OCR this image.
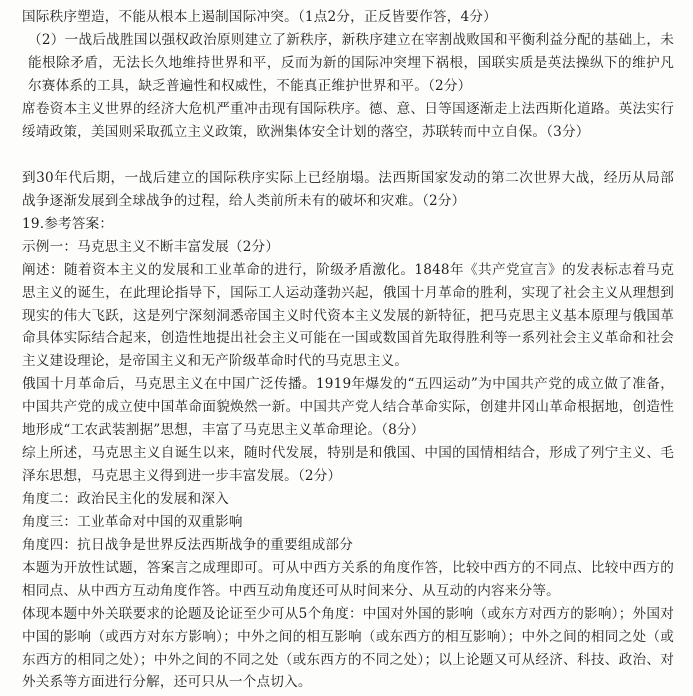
国际秩序塑造，不能从根本上遏制国际冲突。（1点2分，正反皆要作答，4分）

（2）一战后战胜国以强权政治原则建立了新秩序，新秩序建立在宰割战败国和平衡利益分配的基础上，未能根除矛盾，无法长久地维持世界和平，反而为新的国际冲突埋下祸根，国联实质是英法操纵下的维护凡尔赛体系的工具，缺乏普遍性和权威性，不能真正维护世界和平。（2分）

席卷资本主义世界的经济大危机严重冲击现有国际秩序。德、意、日等国逐渐走上法西斯化道路。英法实行绥靖政策，美国则采取孤立主义政策，欧洲集体安全计划的落空，苏联转而中立自保。（3分）

到30年代后期，一战后建立的国际秩序实际上已经崩塌。法西斯国家发动的第二次世界大战，经历从局部战争逐渐发展到全球战争的过程，给人类前所未有的破坏和灾难。（2分）

19.参考答案：

示例一：马克思主义不断丰富发展（2分）

阐述：随着资本主义的发展和工业革命的进行，阶级矛盾激化。1848年《共产党宣言》的发表标志着马克思主义的诞生，在此理论指导下，国际工人运动蓬勃兴起，俄国十月革命的胜利，实现了社会主义从理想到现实的伟大飞跃，这是列宁深刻洞悉帝国主义时代资本主义发展的新特征，把马克思主义基本原理与俄国革命具体实际结合起来，创造性地提出社会主义可能在一国或数国首先取得胜利等一系列社会主义革命和社会主义建设理论，是帝国主义和无产阶级革命时代的马克思主义。

俄国十月革命后，马克思主义在中国广泛传播。1919年爆发的“五四运动”为中国共产党的成立做了准备，中国共产党的成立使中国革命面貌焕然一新。中国共产党人结合革命实际，创建井冈山革命根据地，创造性地形成“工农武装割据”思想，丰富了马克思主义革命理论。（8分）

综上所述，马克思主义自诞生以来，随时代发展，特别是和俄国、中国的国情相结合，形成了列宁主义、毛泽东思想，马克思主义得到进一步丰富发展。（2分）

角度二：政治民主化的发展和深入

角度三：工业革命对中国的双重影响

角度四：抗日战争是世界反法西斯战争的重要组成部分

本题为开放性试题，答案言之成理即可。可从中西方关系的角度作答，比较中西方的不同点、比较中西方的相同点、从中西方互动角度作答。中西互动角度还可从时间来分、从互动的内容来分等。

体现本题中外关联要求的论题及论证至少可从5个角度：中国对外国的影响（或东方对西方的影响）；外国对中国的影响（或西方对东方影响）；中外之间的相互影响（或东西方的相互影响）；中外之间的相同之处（或东西方的相同之处）；中外之间的不同之处（或东西方的不同之处）；以上论题又可从经济、科技、政治、对外关系等方面进行分解，还可只从一个点切入。
